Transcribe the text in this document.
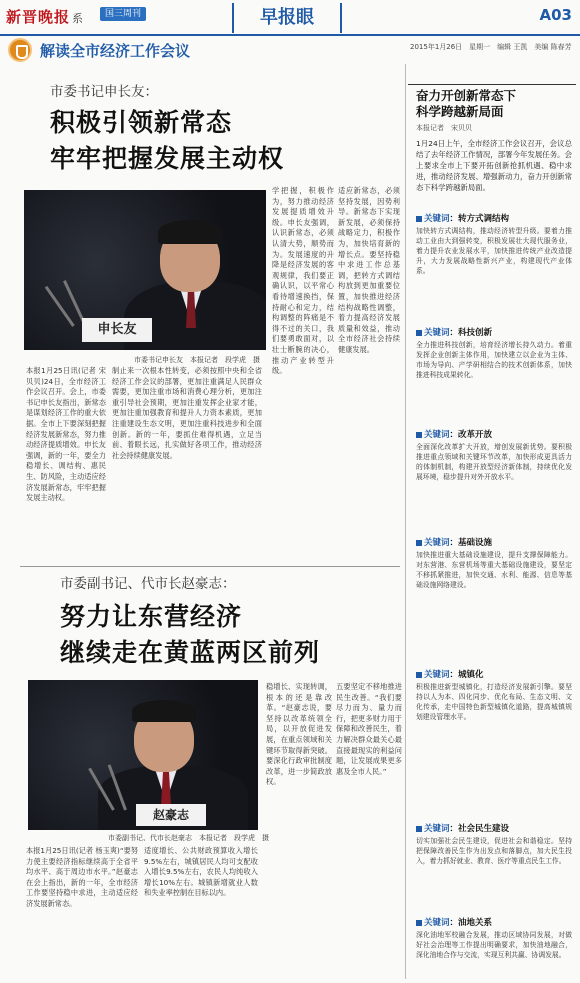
新晋晚报 系	国三周刊	早报眼	A03
解读全市经济工作会议	2015年1月26日　星期一　编辑 王凯　美编 陈春芳
市委书记申长友：
积极引领新常态
牢牢把握发展主动权
申长友
市委书记申长友　本报记者　段学虎　摄
本报1月25日讯(记者 宋贝贝)24日，全市经济工作会议召开。会上，市委书记申长友指出，新常态是谋划经济工作的重大依据。全市上下要深刻把握经济发展新常态，努力推动经济提质增效。申长友强调，新的一年，要全力稳增长、调结构、惠民生、防风险，主动适应经济发展新常态，牢牢把握发展主动权。
制止来一次根本性转变，必须按照中央和全省经济工作会议的部署，更加注重满足人民群众需要，更加注重市场和消费心理分析，更加注重引导社会预期，更加注重发挥企业家才能，更加注重加强教育和提升人力资本素质，更加注重建设生态文明，更加注重科技进步和全面创新。新的一年，要抓住难得机遇，立足当前、着眼长远，扎实做好各项工作，推动经济社会持续健康发展。
学把握，积极作为，努力推动经济发展提质增效升级。申长友强调，认识新常态，必须认清大势，顺势而为。发展速度的升降是经济发展的客观规律，我们要正确认识，以平常心看待增速换挡，保持耐心和定力，结构调整的阵痛是不得不过的关口，我们要勇敢面对，以壮士断腕的决心，推动产业转型升级。
适应新常态，必须坚持发展，因势利导。新常态下实现新发展，必须保持战略定力，积极作为，加快培育新的增长点。要坚持稳中求进工作总基调，把转方式调结构放到更加重要位置，加快推进经济结构战略性调整，着力提高经济发展质量和效益，推动全市经济社会持续健康发展。
市委副书记、代市长赵豪志：
努力让东营经济
继续走在黄蓝两区前列
赵豪志
市委副书记、代市长赵豪志　本报记者　段学虎　摄
本报1月25日讯(记者 杨玉爽)“要努力使主要经济指标继续高于全省平均水平、高于周边市水平。”赵豪志在会上指出，新的一年，全市经济工作要坚持稳中求进，主动适应经济发展新常态。
适度增长、公共财政预算收入增长9.5%左右，城镇居民人均可支配收入增长9.5%左右，农民人均纯收入增长10%左右。城镇新增就业人数和失业率控制在目标以内。
稳增长、实现转调，根本的还是靠改革。“赵豪志说，要坚持以改革统领全局，以开放促进发展，在重点领域和关键环节取得新突破。要深化行政审批制度改革，进一步简政放权。
五要坚定不移地推进民生改善。“我们要尽力而为、量力而行，把更多财力用于保障和改善民生，着力解决群众最关心最直接最现实的利益问题，让发展成果更多惠及全市人民。”
奋力开创新常态下
科学跨越新局面
本报记者　宋贝贝
1月24日上午，全市经济工作会议召开，会议总结了去年经济工作情况，部署今年发展任务。会上要求全市上下要开拓创新抢抓机遇、稳中求进，推动经济发展、增强新动力，奋力开创新常态下科学跨越新局面。
关键词：转方式调结构
加快转方式调结构，推动经济转型升级。要着力推动工业由大到强转变，积极发展壮大现代服务业，着力提升农业发展水平，加快推进传统产业改造提升，大力发展战略性新兴产业，构建现代产业体系。
关键词：科技创新
全力推进科技创新，培育经济增长持久动力。着重发挥企业创新主体作用，加快建立以企业为主体、市场为导向、产学研相结合的技术创新体系，加快推进科技成果转化。
关键词：改革开放
全面深化改革扩大开放，增创发展新优势。要积极推进重点领域和关键环节改革，加快形成更具活力的体制机制，构建开放型经济新体制，持续优化发展环境，稳步提升对外开放水平。
关键词：基础设施
加快推进重大基础设施建设，提升支撑保障能力。对东营港、东营机场等重大基础设施建设，要坚定不移抓紧推进，加快交通、水利、能源、信息等基础设施网络建设。
关键词：城镇化
积极推进新型城镇化，打造经济发展新引擎。要坚持以人为本、四化同步、优化布局、生态文明、文化传承，走中国特色新型城镇化道路，提高城镇规划建设管理水平。
关键词：社会民生建设
切实加强社会民生建设，促进社会和谐稳定。坚持把保障改善民生作为出发点和落脚点，加大民生投入，着力抓好就业、教育、医疗等重点民生工作。
关键词：油地关系
深化油地军校融合发展，推动区域协同发展，对做好社会治理等工作提出明确要求，加快油地融合，深化油地合作与交流，实现互利共赢、协调发展。
